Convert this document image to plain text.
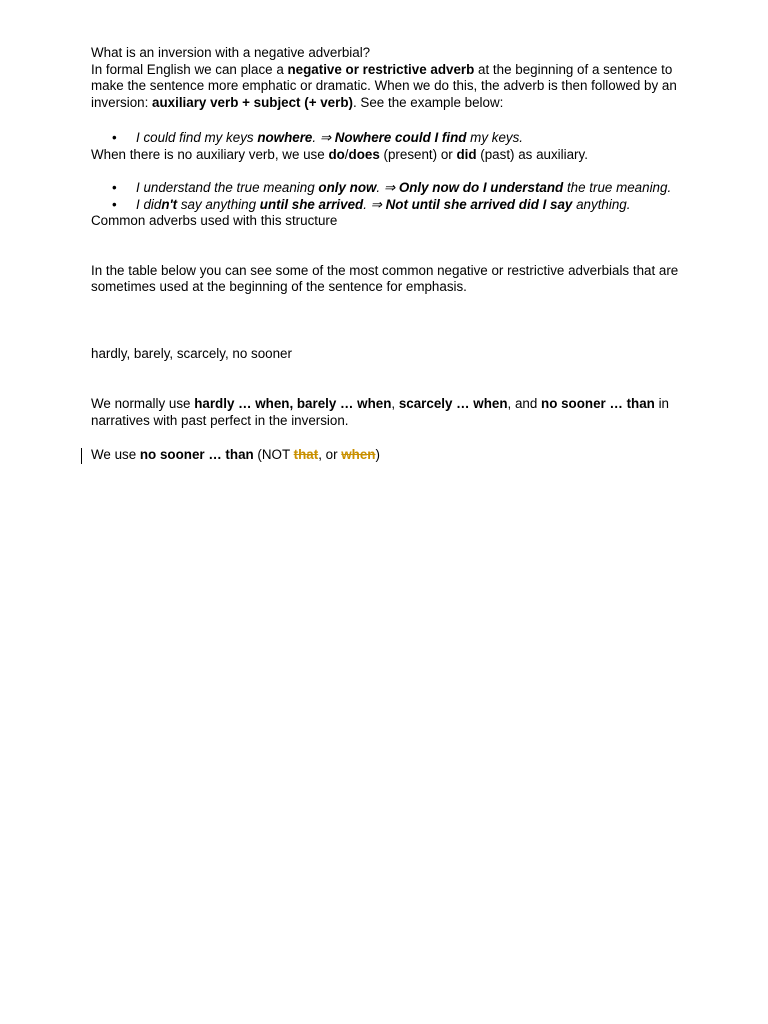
What is an inversion with a negative adverbial?

In formal English we can place a negative or restrictive adverb at the beginning of a sentence to make the sentence more emphatic or dramatic. When we do this, the adverb is then followed by an inversion: auxiliary verb + subject (+ verb). See the example below:

• I could find my keys nowhere. ⇒ Nowhere could I find my keys.

When there is no auxiliary verb, we use do/does (present) or did (past) as auxiliary.

• I understand the true meaning only now. ⇒ Only now do I understand the true meaning.
• I didn't say anything until she arrived. ⇒ Not until she arrived did I say anything.

Common adverbs used with this structure

In the table below you can see some of the most common negative or restrictive adverbials that are sometimes used at the beginning of the sentence for emphasis.

hardly, barely, scarcely, no sooner

We normally use hardly … when, barely … when, scarcely … when, and no sooner … than in narratives with past perfect in the inversion.

We use no sooner … than (NOT that, or when)
